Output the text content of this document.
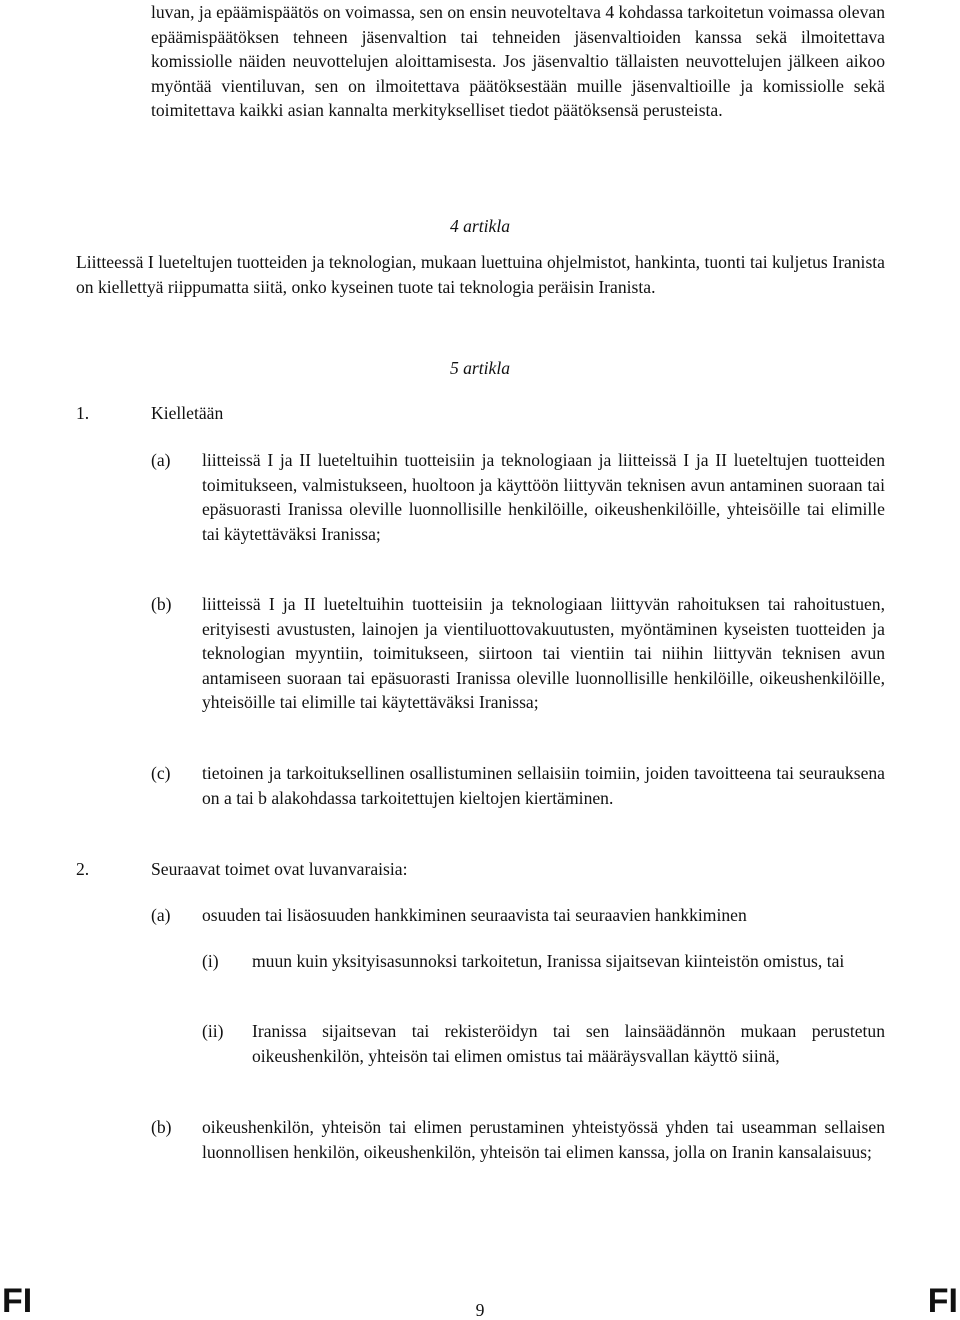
luvan, ja epäämispäätös on voimassa, sen on ensin neuvoteltava 4 kohdassa tarkoitetun voimassa olevan epäämispäätöksen tehneen jäsenvaltion tai tehneiden jäsenvaltioiden kanssa sekä ilmoitettava komissiolle näiden neuvottelujen aloittamisesta. Jos jäsenvaltio tällaisten neuvottelujen jälkeen aikoo myöntää vientiluvan, sen on ilmoitettava päätöksestään muille jäsenvaltioille ja komissiolle sekä toimitettava kaikki asian kannalta merkitykselliset tiedot päätöksensä perusteista.
4 artikla
Liitteessä I lueteltujen tuotteiden ja teknologian, mukaan luettuina ohjelmistot, hankinta, tuonti tai kuljetus Iranista on kiellettyä riippumatta siitä, onko kyseinen tuote tai teknologia peräisin Iranista.
5 artikla
1.	Kielletään
(a) liitteissä I ja II lueteltuihin tuotteisiin ja teknologiaan ja liitteissä I ja II lueteltujen tuotteiden toimitukseen, valmistukseen, huoltoon ja käyttöön liittyvän teknisen avun antaminen suoraan tai epäsuorasti Iranissa oleville luonnollisille henkilöille, oikeushenkilöille, yhteisöille tai elimille tai käytettäväksi Iranissa;
(b) liitteissä I ja II lueteltuihin tuotteisiin ja teknologiaan liittyvän rahoituksen tai rahoitustuen, erityisesti avustusten, lainojen ja vientiluottovakuutusten, myöntäminen kyseisten tuotteiden ja teknologian myyntiin, toimitukseen, siirtoon tai vientiin tai niihin liittyvän teknisen avun antamiseen suoraan tai epäsuorasti Iranissa oleville luonnollisille henkilöille, oikeushenkilöille, yhteisöille tai elimille tai käytettäväksi Iranissa;
(c) tietoinen ja tarkoituksellinen osallistuminen sellaisiin toimiin, joiden tavoitteena tai seurauksena on a tai b alakohdassa tarkoitettujen kieltojen kiertäminen.
2.	Seuraavat toimet ovat luvanvaraisia:
(a) osuuden tai lisäosuuden hankkiminen seuraavista tai seuraavien hankkiminen
(i) muun kuin yksityisasunnoksi tarkoitetun, Iranissa sijaitsevan kiinteistön omistus, tai
(ii) Iranissa sijaitsevan tai rekisteröidyn tai sen lainsäädännön mukaan perustetun oikeushenkilön, yhteisön tai elimen omistus tai määräysvallan käyttö siinä,
(b) oikeushenkilön, yhteisön tai elimen perustaminen yhteistyössä yhden tai useamman sellaisen luonnollisen henkilön, oikeushenkilön, yhteisön tai elimen kanssa, jolla on Iranin kansalaisuus;
FI	9	FI
